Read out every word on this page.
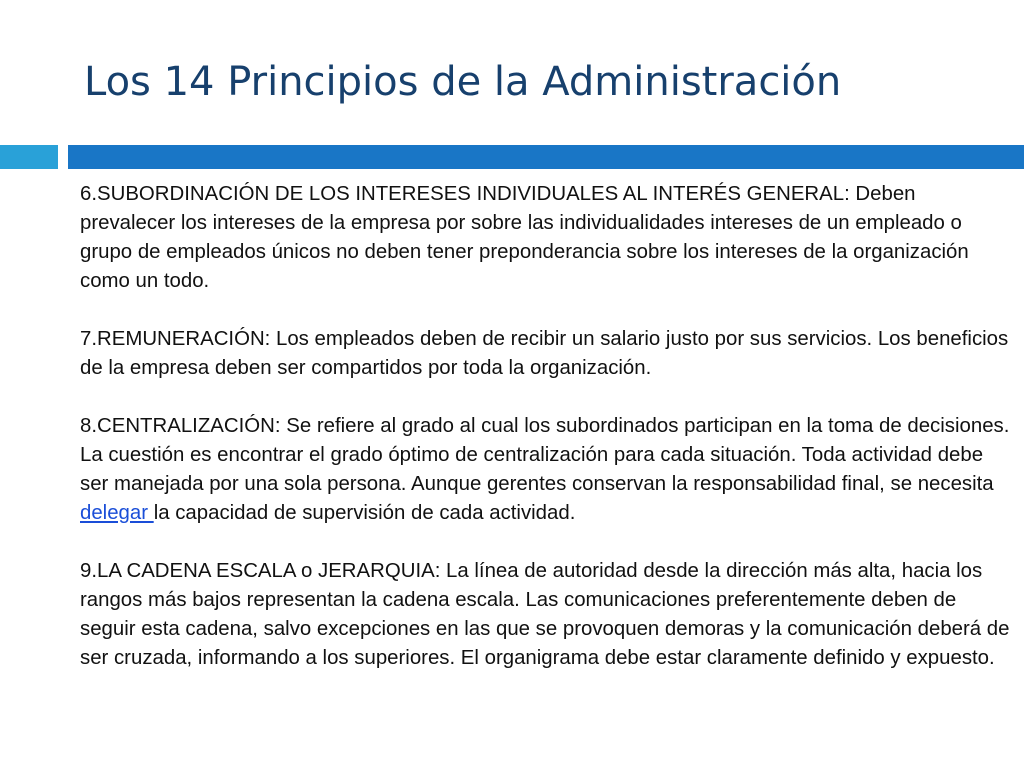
Los 14 Principios de la Administración

6.SUBORDINACIÓN DE LOS INTERESES INDIVIDUALES AL INTERÉS GENERAL: Deben prevalecer los intereses de la empresa por sobre las individualidades intereses de un empleado o grupo de empleados únicos no deben tener preponderancia sobre los intereses de la organización como un todo.

7.REMUNERACIÓN: Los empleados deben de recibir un salario justo por sus servicios. Los beneficios de la empresa deben ser compartidos por toda la organización.

8.CENTRALIZACIÓN: Se refiere al grado al cual los subordinados participan en la toma de decisiones. La cuestión es encontrar el grado óptimo de centralización para cada situación. Toda actividad debe ser manejada por una sola persona. Aunque gerentes conservan la responsabilidad final, se necesita delegar la capacidad de supervisión de cada actividad.

9.LA CADENA ESCALA o JERARQUIA: La línea de autoridad desde la dirección más alta, hacia los rangos más bajos representan la cadena escala. Las comunicaciones preferentemente deben de seguir esta cadena, salvo excepciones en las que se provoquen demoras y la comunicación deberá de ser cruzada, informando a los superiores. El organigrama debe estar claramente definido y expuesto.
